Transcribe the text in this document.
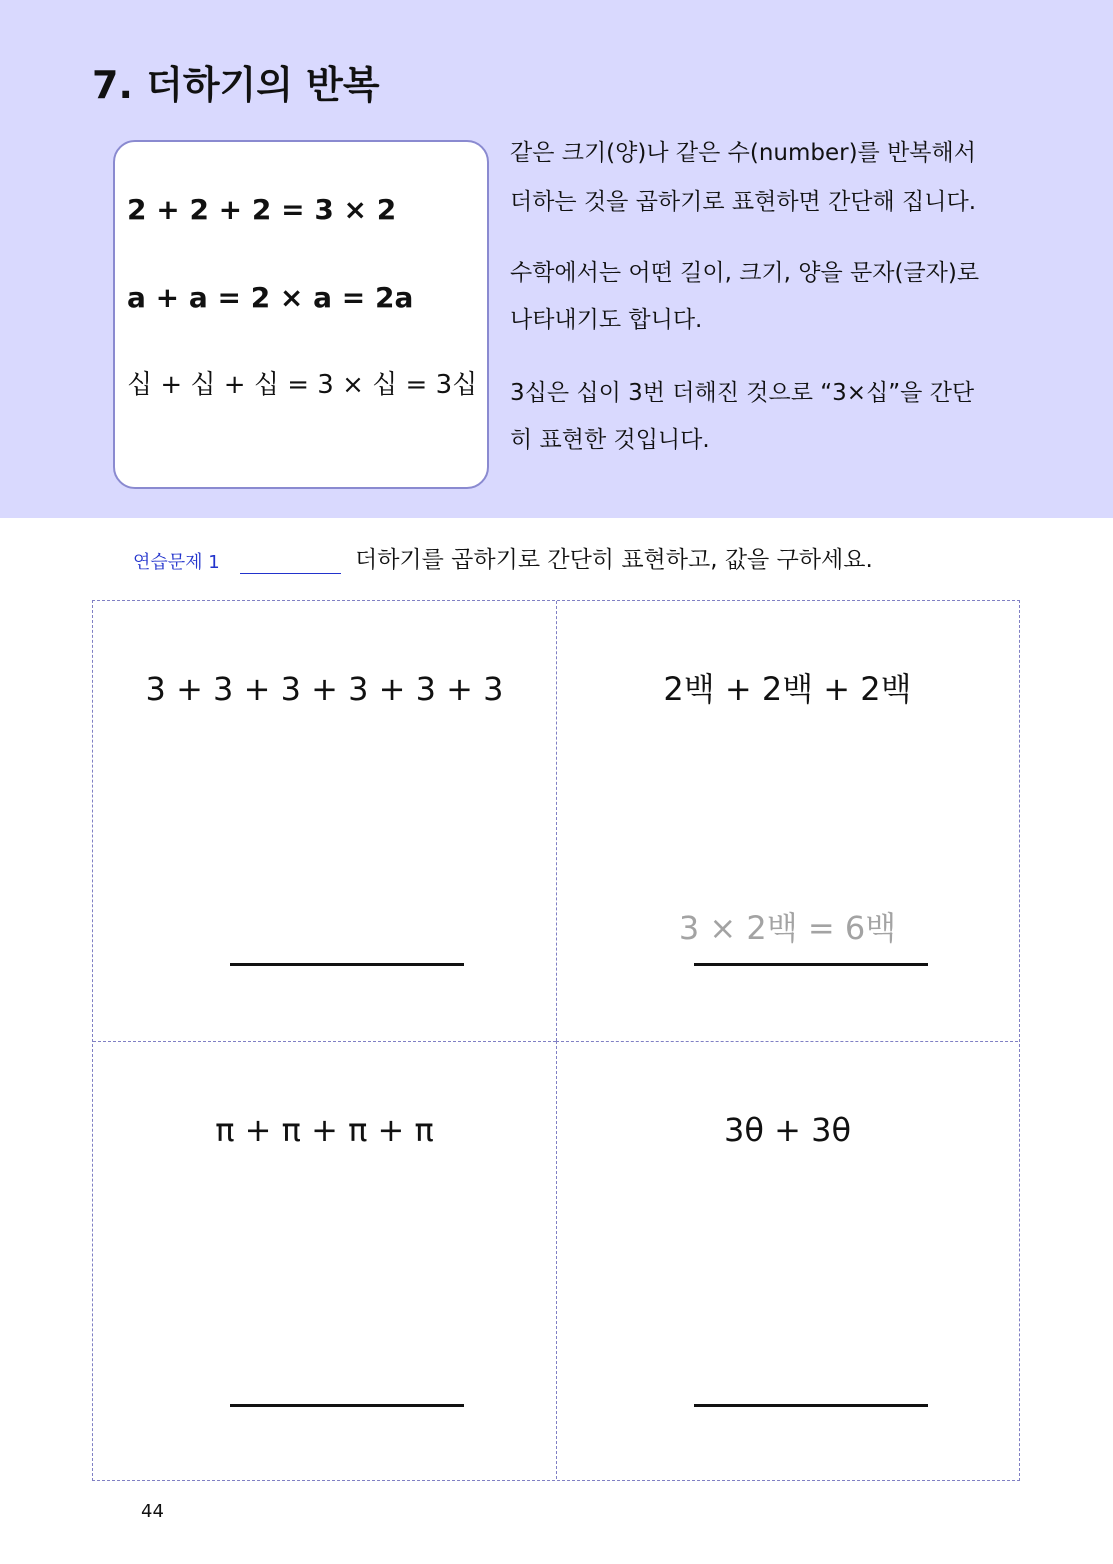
7. 더하기의 반복
2 + 2 + 2 = 3 × 2
a + a = 2 × a = 2a
십 + 십 + 십 = 3 × 십 = 3십
같은 크기(양)나 같은 수(number)를 반복해서
더하는 것을 곱하기로 표현하면 간단해 집니다.
수학에서는 어떤 길이, 크기, 양을 문자(글자)로
나타내기도 합니다.
3십은 십이 3번 더해진 것으로 “3×십”을 간단
히 표현한 것입니다.
연습문제 1	더하기를 곱하기로 간단히 표현하고, 값을 구하세요.
3 + 3 + 3 + 3 + 3 + 3	2백 + 2백 + 2백
3 × 2백 = 6백
π + π + π + π	3θ + 3θ
44
